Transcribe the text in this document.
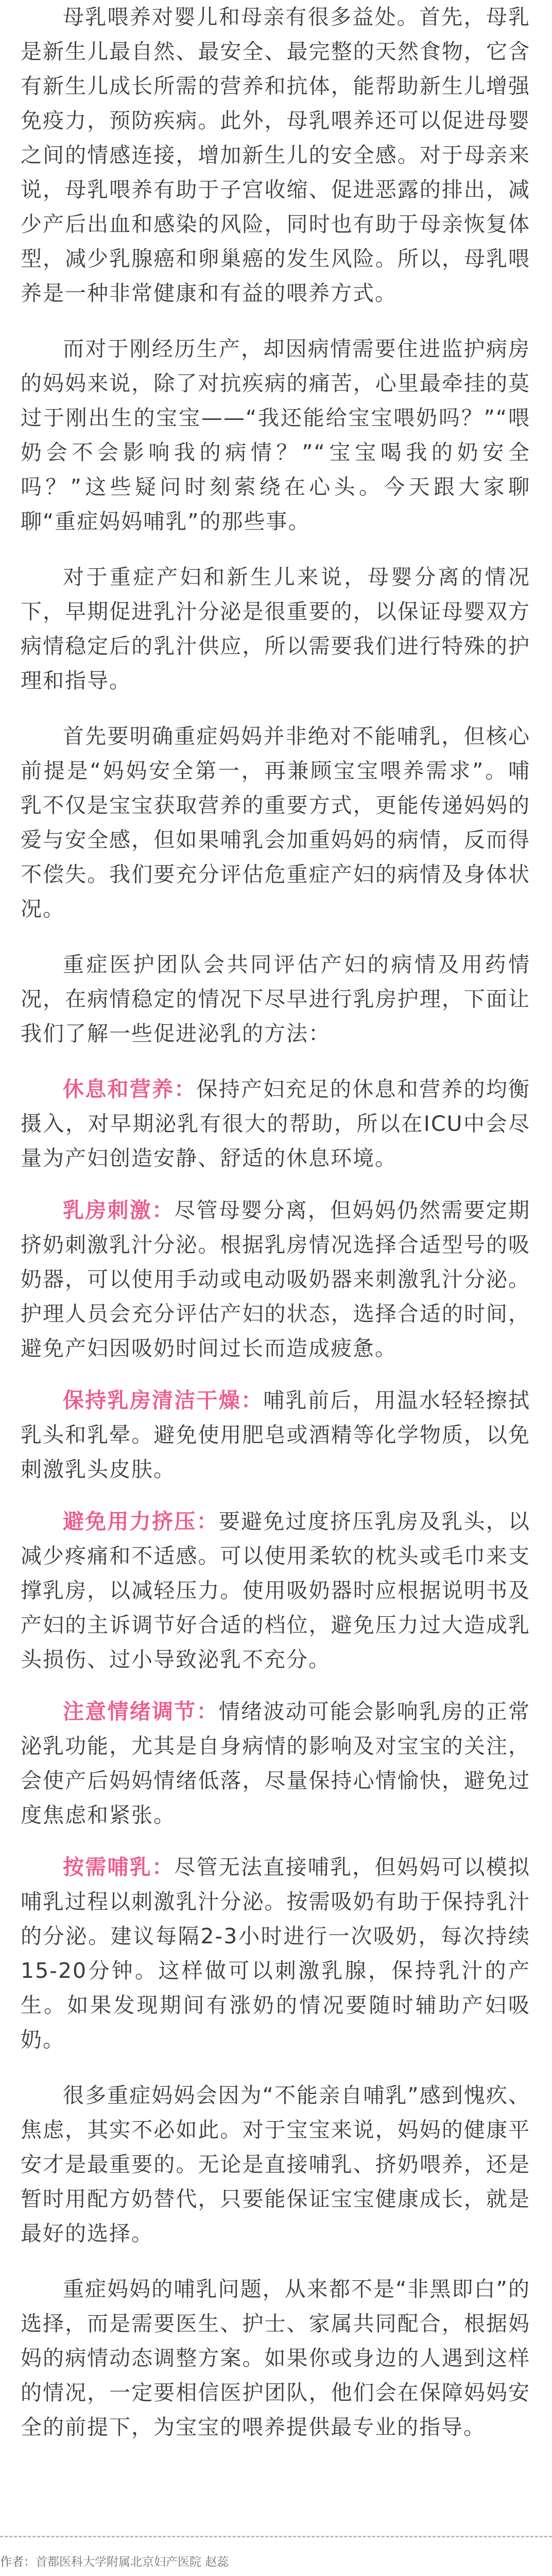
母乳喂养对婴儿和母亲有很多益处。首先，母乳是新生儿最自然、最安全、最完整的天然食物，它含有新生儿成长所需的营养和抗体，能帮助新生儿增强免疫力，预防疾病。此外，母乳喂养还可以促进母婴之间的情感连接，增加新生儿的安全感。对于母亲来说，母乳喂养有助于子宫收缩、促进恶露的排出，减少产后出血和感染的风险，同时也有助于母亲恢复体型，减少乳腺癌和卵巢癌的发生风险。所以，母乳喂养是一种非常健康和有益的喂养方式。

而对于刚经历生产，却因病情需要住进监护病房的妈妈来说，除了对抗疾病的痛苦，心里最牵挂的莫过于刚出生的宝宝——“我还能给宝宝喂奶吗？”“喂奶会不会影响我的病情？”“宝宝喝我的奶安全吗？”这些疑问时刻萦绕在心头。今天跟大家聊聊“重症妈妈哺乳”的那些事。

对于重症产妇和新生儿来说，母婴分离的情况下，早期促进乳汁分泌是很重要的，以保证母婴双方病情稳定后的乳汁供应，所以需要我们进行特殊的护理和指导。

首先要明确重症妈妈并非绝对不能哺乳，但核心前提是“妈妈安全第一，再兼顾宝宝喂养需求”。哺乳不仅是宝宝获取营养的重要方式，更能传递妈妈的爱与安全感，但如果哺乳会加重妈妈的病情，反而得不偿失。我们要充分评估危重症产妇的病情及身体状况。

重症医护团队会共同评估产妇的病情及用药情况，在病情稳定的情况下尽早进行乳房护理，下面让我们了解一些促进泌乳的方法：

休息和营养：保持产妇充足的休息和营养的均衡摄入，对早期泌乳有很大的帮助，所以在ICU中会尽量为产妇创造安静、舒适的休息环境。

乳房刺激：尽管母婴分离，但妈妈仍然需要定期挤奶刺激乳汁分泌。根据乳房情况选择合适型号的吸奶器，可以使用手动或电动吸奶器来刺激乳汁分泌。护理人员会充分评估产妇的状态，选择合适的时间，避免产妇因吸奶时间过长而造成疲惫。

保持乳房清洁干燥：哺乳前后，用温水轻轻擦拭乳头和乳晕。避免使用肥皂或酒精等化学物质，以免刺激乳头皮肤。

避免用力挤压：要避免过度挤压乳房及乳头，以减少疼痛和不适感。可以使用柔软的枕头或毛巾来支撑乳房，以减轻压力。使用吸奶器时应根据说明书及产妇的主诉调节好合适的档位，避免压力过大造成乳头损伤、过小导致泌乳不充分。

注意情绪调节：情绪波动可能会影响乳房的正常泌乳功能，尤其是自身病情的影响及对宝宝的关注，会使产后妈妈情绪低落，尽量保持心情愉快，避免过度焦虑和紧张。

按需哺乳：尽管无法直接哺乳，但妈妈可以模拟哺乳过程以刺激乳汁分泌。按需吸奶有助于保持乳汁的分泌。建议每隔2-3小时进行一次吸奶，每次持续15-20分钟。这样做可以刺激乳腺，保持乳汁的产生。如果发现期间有涨奶的情况要随时辅助产妇吸奶。

很多重症妈妈会因为“不能亲自哺乳”感到愧疚、焦虑，其实不必如此。对于宝宝来说，妈妈的健康平安才是最重要的。无论是直接哺乳、挤奶喂养，还是暂时用配方奶替代，只要能保证宝宝健康成长，就是最好的选择。

重症妈妈的哺乳问题，从来都不是“非黑即白”的选择，而是需要医生、护士、家属共同配合，根据妈妈的病情动态调整方案。如果你或身边的人遇到这样的情况，一定要相信医护团队，他们会在保障妈妈安全的前提下，为宝宝的喂养提供最专业的指导。

作者：首都医科大学附属北京妇产医院 赵蕊
